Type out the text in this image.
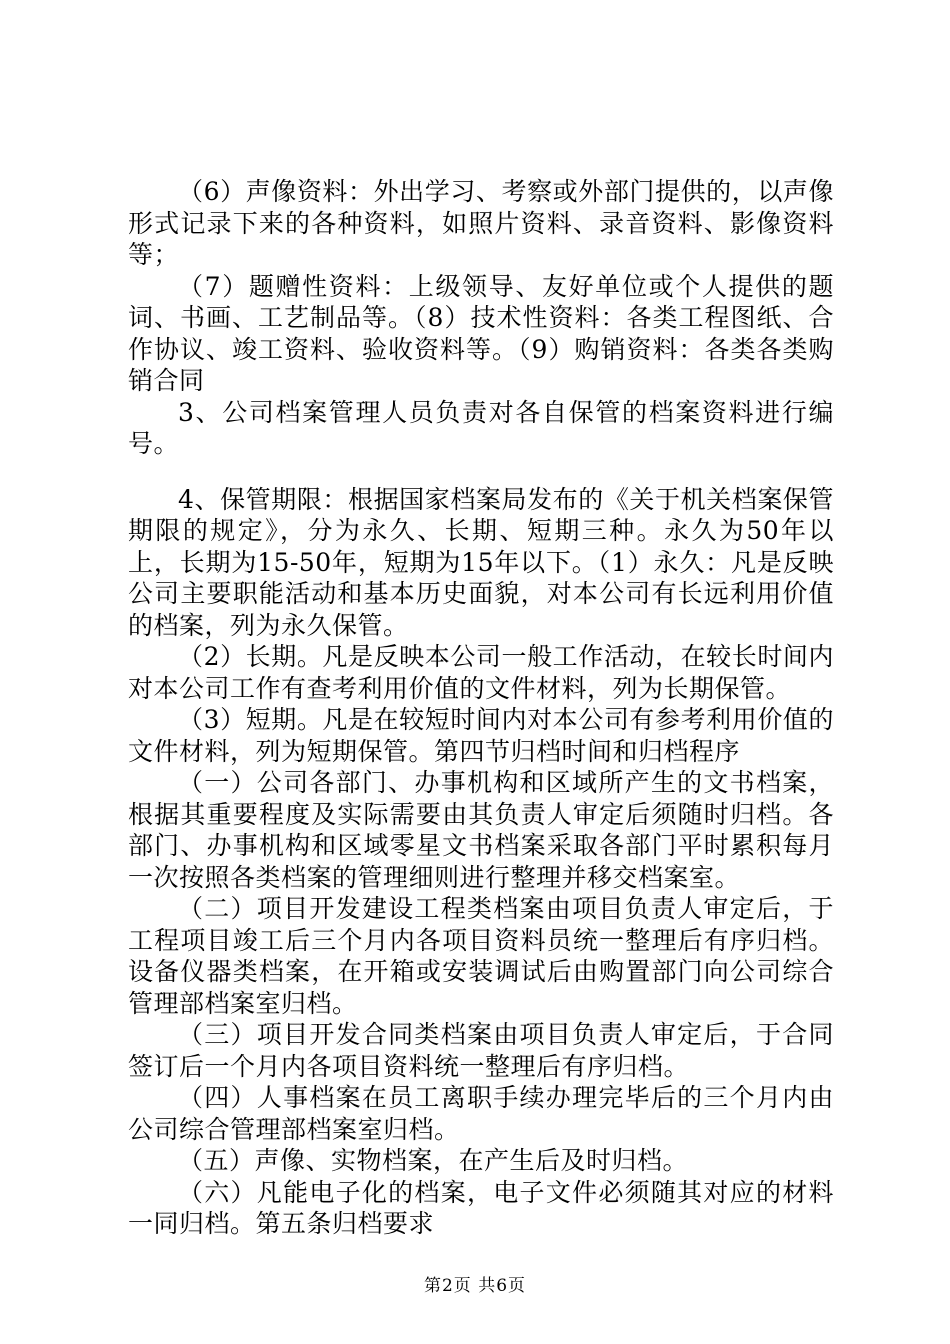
（6）声像资料：外出学习、考察或外部门提供的，以声像形式记录下来的各种资料，如照片资料、录音资料、影像资料等；

（7）题赠性资料：上级领导、友好单位或个人提供的题词、书画、工艺制品等。（8）技术性资料：各类工程图纸、合作协议、竣工资料、验收资料等。（9）购销资料：各类各类购销合同

3、公司档案管理人员负责对各自保管的档案资料进行编号。

4、保管期限：根据国家档案局发布的《关于机关档案保管期限的规定》，分为永久、长期、短期三种。永久为50年以上，长期为15-50年，短期为15年以下。（1）永久：凡是反映公司主要职能活动和基本历史面貌，对本公司有长远利用价值的档案，列为永久保管。

（2）长期。凡是反映本公司一般工作活动，在较长时间内对本公司工作有查考利用价值的文件材料，列为长期保管。

（3）短期。凡是在较短时间内对本公司有参考利用价值的文件材料，列为短期保管。第四节归档时间和归档程序

（一）公司各部门、办事机构和区域所产生的文书档案，根据其重要程度及实际需要由其负责人审定后须随时归档。各部门、办事机构和区域零星文书档案采取各部门平时累积每月一次按照各类档案的管理细则进行整理并移交档案室。

（二）项目开发建设工程类档案由项目负责人审定后，于工程项目竣工后三个月内各项目资料员统一整理后有序归档。设备仪器类档案，在开箱或安装调试后由购置部门向公司综合管理部档案室归档。

（三）项目开发合同类档案由项目负责人审定后，于合同签订后一个月内各项目资料统一整理后有序归档。

（四）人事档案在员工离职手续办理完毕后的三个月内由公司综合管理部档案室归档。

（五）声像、实物档案，在产生后及时归档。

（六）凡能电子化的档案，电子文件必须随其对应的材料一同归档。第五条归档要求

第2页 共6页
